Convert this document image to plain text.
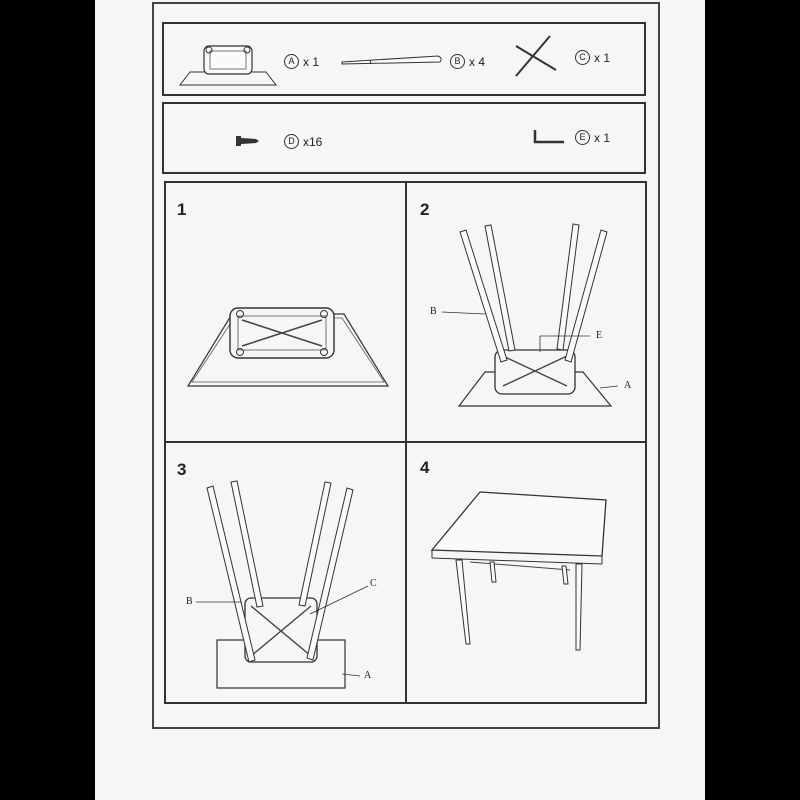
A x 1	B x 4	C x 1
D x16	E x 1
1	2
B
E
A
3
B
C
A
4
